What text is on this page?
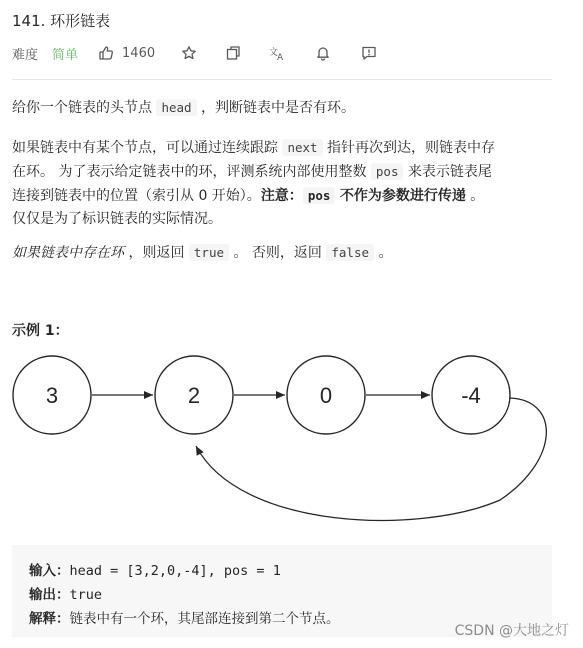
141. 环形链表
难度 简单	1460	文
A
给你一个链表的头节点 head ，判断链表中是否有环。
如果链表中有某个节点，可以通过连续跟踪 next 指针再次到达，则链表中存
在环。 为了表示给定链表中的环，评测系统内部使用整数 pos 来表示链表尾
连接到链表中的位置（索引从 0 开始）。注意： pos 不作为参数进行传递 。
仅仅是为了标识链表的实际情况。
如果链表中存在环 ，则返回 true 。 否则，返回 false 。
示例 1：
3	2	0	-4
输入：head = [3,2,0,-4], pos = 1
输出：true
解释：链表中有一个环，其尾部连接到第二个节点。
CSDN @大地之灯
